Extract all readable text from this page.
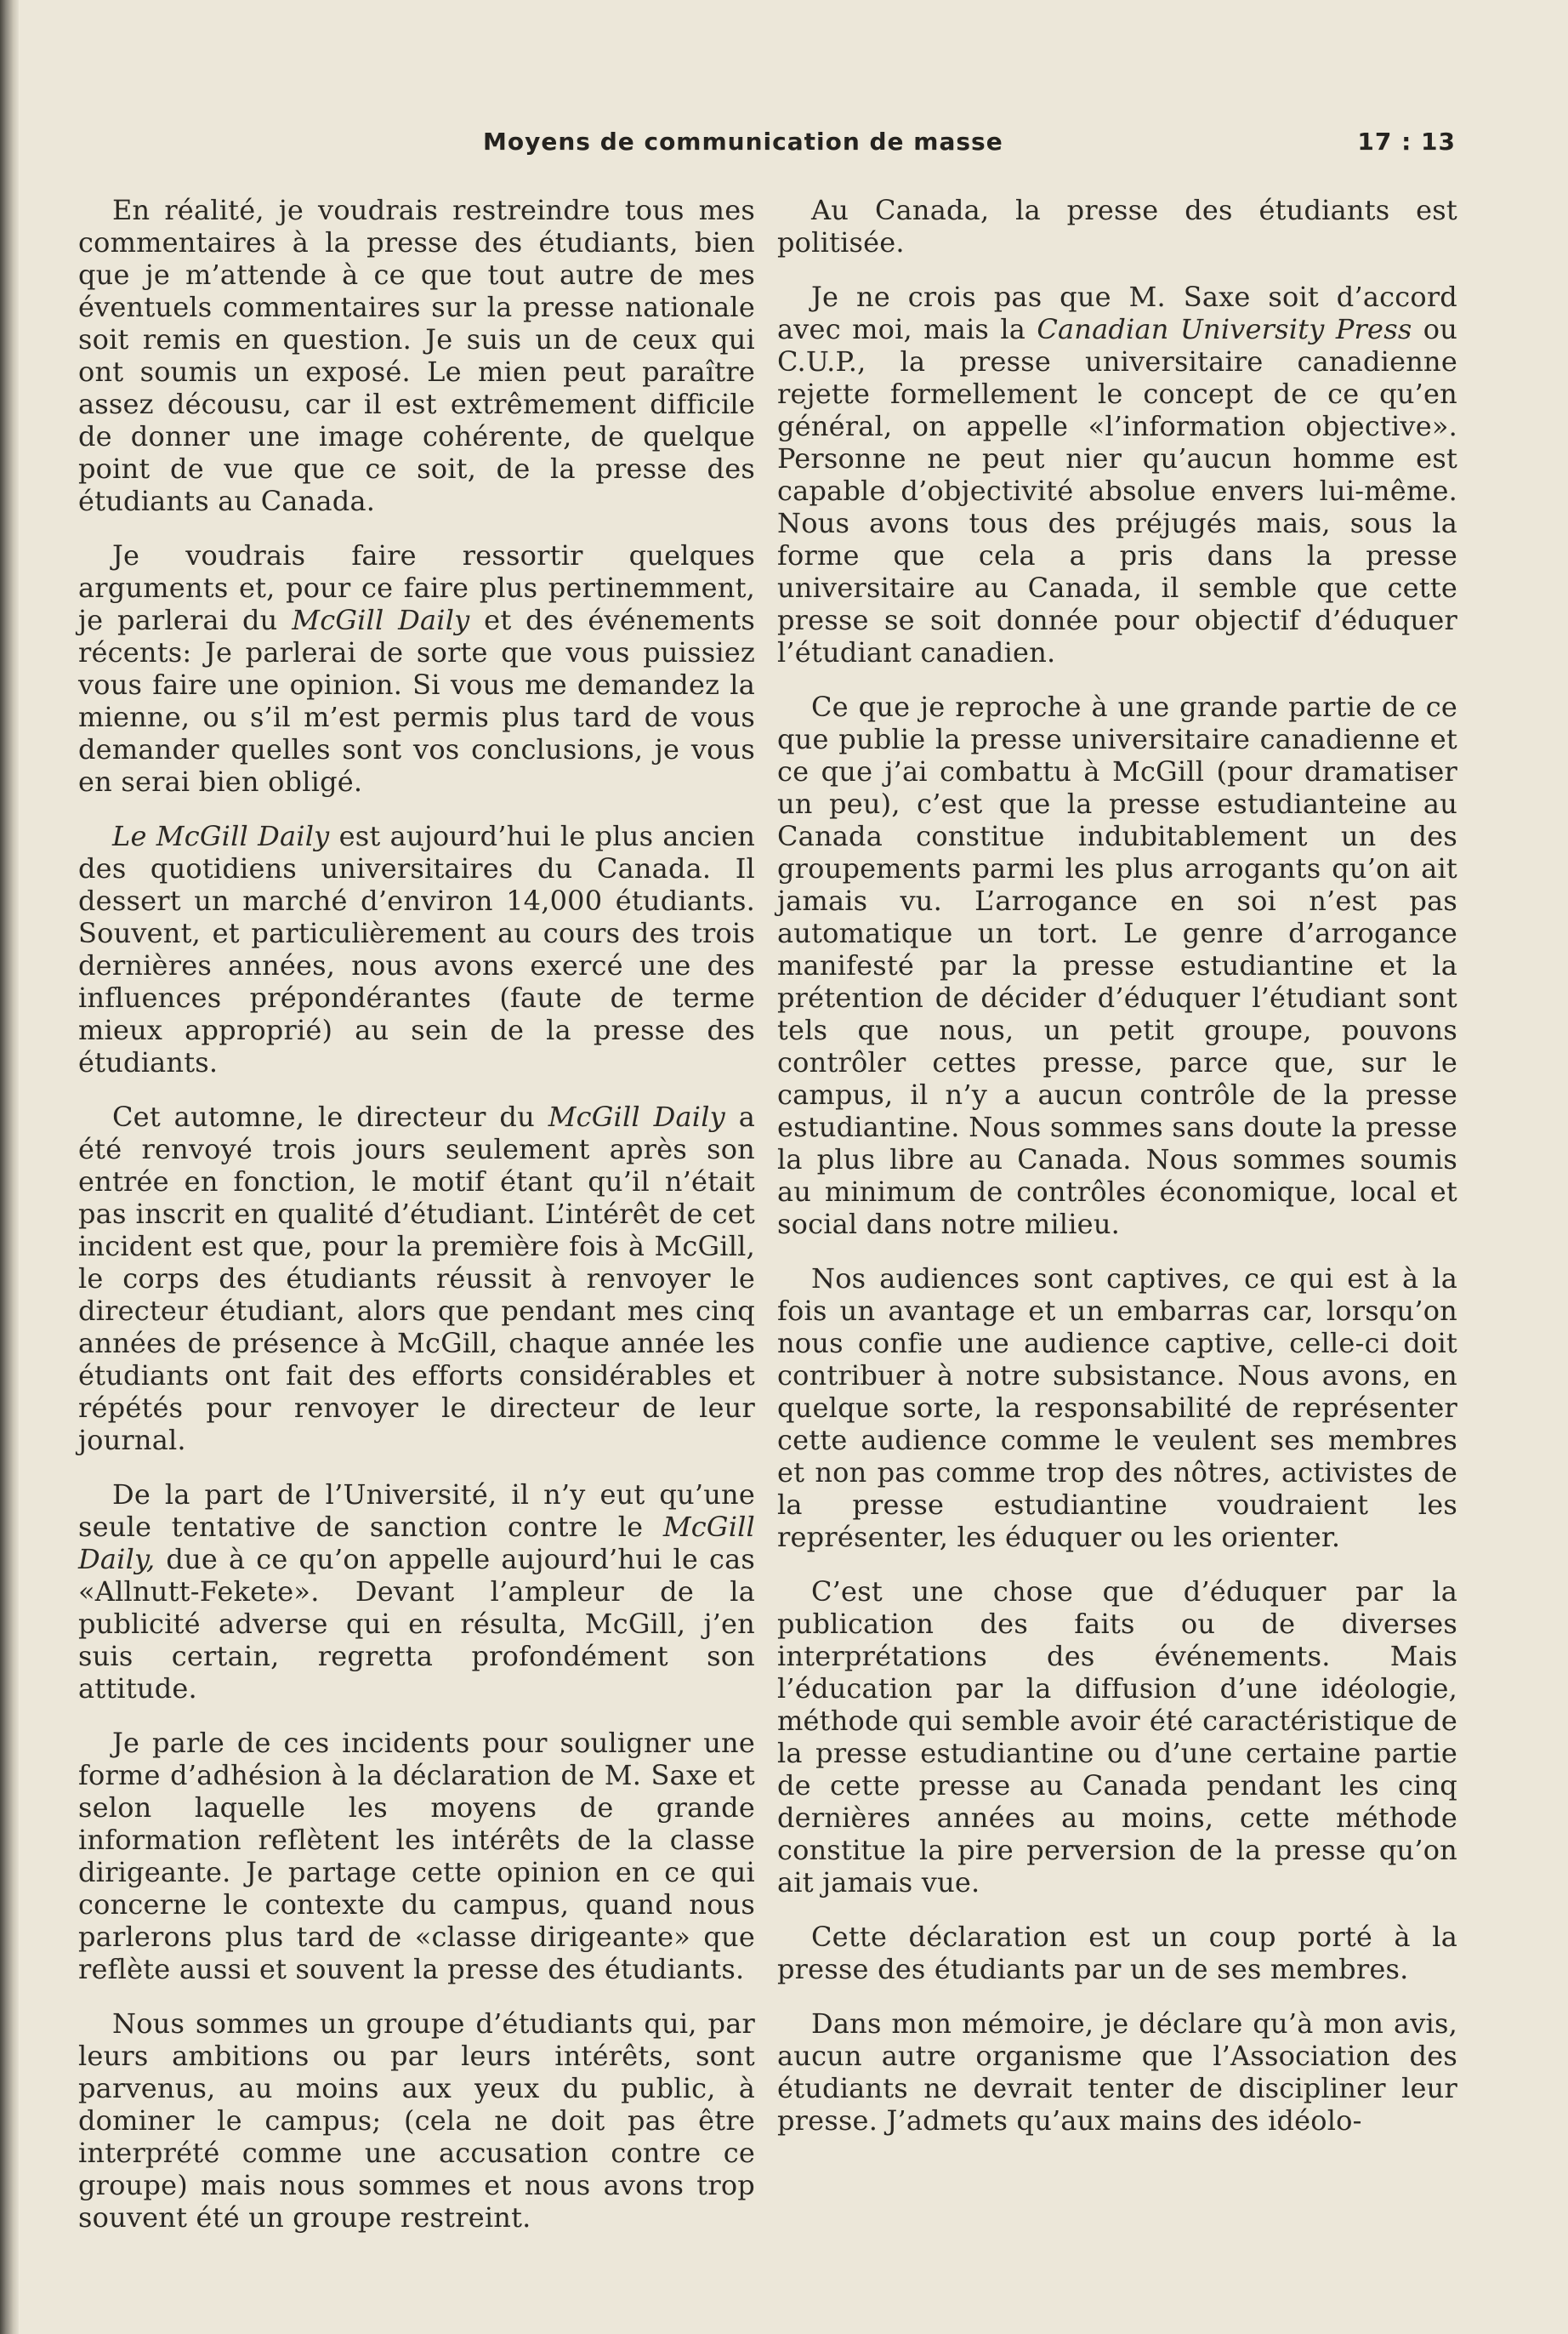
Moyens de communication de masse	17 : 13

En réalité, je voudrais restreindre tous mes commentaires à la presse des étudiants, bien que je m’attende à ce que tout autre de mes éventuels commentaires sur la presse nationale soit remis en question. Je suis un de ceux qui ont soumis un exposé. Le mien peut paraître assez décousu, car il est extrêmement difficile de donner une image cohérente, de quelque point de vue que ce soit, de la presse des étudiants au Canada.

Je voudrais faire ressortir quelques arguments et, pour ce faire plus pertinemment, je parlerai du McGill Daily et des événements récents: Je parlerai de sorte que vous puissiez vous faire une opinion. Si vous me demandez la mienne, ou s’il m’est permis plus tard de vous demander quelles sont vos conclusions, je vous en serai bien obligé.

Le McGill Daily est aujourd’hui le plus ancien des quotidiens universitaires du Canada. Il dessert un marché d’environ 14,000 étudiants. Souvent, et particulièrement au cours des trois dernières années, nous avons exercé une des influences prépondérantes (faute de terme mieux approprié) au sein de la presse des étudiants.

Cet automne, le directeur du McGill Daily a été renvoyé trois jours seulement après son entrée en fonction, le motif étant qu’il n’était pas inscrit en qualité d’étudiant. L’intérêt de cet incident est que, pour la première fois à McGill, le corps des étudiants réussit à renvoyer le directeur étudiant, alors que pendant mes cinq années de présence à McGill, chaque année les étudiants ont fait des efforts considérables et répétés pour renvoyer le directeur de leur journal.

De la part de l’Université, il n’y eut qu’une seule tentative de sanction contre le McGill Daily, due à ce qu’on appelle aujourd’hui le cas «Allnutt-Fekete». Devant l’ampleur de la publicité adverse qui en résulta, McGill, j’en suis certain, regretta profondément son attitude.

Je parle de ces incidents pour souligner une forme d’adhésion à la déclaration de M. Saxe et selon laquelle les moyens de grande information reflètent les intérêts de la classe dirigeante. Je partage cette opinion en ce qui concerne le contexte du campus, quand nous parlerons plus tard de «classe dirigeante» que reflète aussi et souvent la presse des étudiants.

Nous sommes un groupe d’étudiants qui, par leurs ambitions ou par leurs intérêts, sont parvenus, au moins aux yeux du public, à dominer le campus; (cela ne doit pas être interprété comme une accusation contre ce groupe) mais nous sommes et nous avons trop souvent été un groupe restreint.

Au Canada, la presse des étudiants est politisée.

Je ne crois pas que M. Saxe soit d’accord avec moi, mais la Canadian University Press ou C.U.P., la presse universitaire canadienne rejette formellement le concept de ce qu’en général, on appelle «l’information objective». Personne ne peut nier qu’aucun homme est capable d’objectivité absolue envers lui-même. Nous avons tous des préjugés mais, sous la forme que cela a pris dans la presse universitaire au Canada, il semble que cette presse se soit donnée pour objectif d’éduquer l’étudiant canadien.

Ce que je reproche à une grande partie de ce que publie la presse universitaire canadienne et ce que j’ai combattu à McGill (pour dramatiser un peu), c’est que la presse estudianteine au Canada constitue indubitablement un des groupements parmi les plus arrogants qu’on ait jamais vu. L’arrogance en soi n’est pas automatique un tort. Le genre d’arrogance manifesté par la presse estudiantine et la prétention de décider d’éduquer l’étudiant sont tels que nous, un petit groupe, pouvons contrôler cettes presse, parce que, sur le campus, il n’y a aucun contrôle de la presse estudiantine. Nous sommes sans doute la presse la plus libre au Canada. Nous sommes soumis au minimum de contrôles économique, local et social dans notre milieu.

Nos audiences sont captives, ce qui est à la fois un avantage et un embarras car, lorsqu’on nous confie une audience captive, celle-ci doit contribuer à notre subsistance. Nous avons, en quelque sorte, la responsabilité de représenter cette audience comme le veulent ses membres et non pas comme trop des nôtres, activistes de la presse estudiantine voudraient les représenter, les éduquer ou les orienter.

C’est une chose que d’éduquer par la publication des faits ou de diverses interprétations des événements. Mais l’éducation par la diffusion d’une idéologie, méthode qui semble avoir été caractéristique de la presse estudiantine ou d’une certaine partie de cette presse au Canada pendant les cinq dernières années au moins, cette méthode constitue la pire perversion de la presse qu’on ait jamais vue.

Cette déclaration est un coup porté à la presse des étudiants par un de ses membres.

Dans mon mémoire, je déclare qu’à mon avis, aucun autre organisme que l’Association des étudiants ne devrait tenter de discipliner leur presse. J’admets qu’aux mains des idéolo-
